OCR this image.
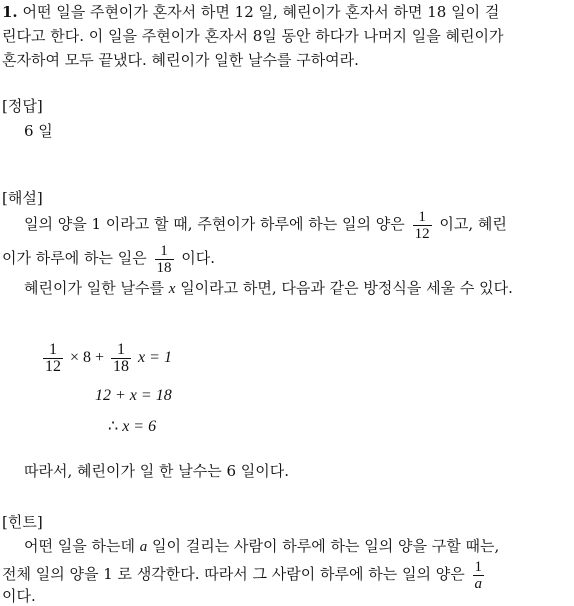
1. 어떤 일을 주현이가 혼자서 하면 12 일, 혜린이가 혼자서 하면 18 일이 걸
린다고 한다. 이 일을 주현이가 혼자서 8일 동안 하다가 나머지 일을 혜린이가
혼자하여 모두 끝냈다. 혜린이가 일한 날수를 구하여라.
[정답]
6 일
[해설]
일의 양을 1 이라고 할 때, 주현이가 하루에 하는 일의 양은 $\frac{1}{12}$ 이고, 혜린
이가 하루에 하는 일은 $\frac{1}{18}$ 이다.
혜린이가 일한 날수를 x 일이라고 하면, 다음과 같은 방정식을 세울 수 있다.
$\frac{1}{12} \times 8 + \frac{1}{18}$ x = 1
12 + x = 18
∴ x = 6
따라서, 혜린이가 일 한 날수는 6 일이다.
[힌트]
어떤 일을 하는데 a 일이 걸리는 사람이 하루에 하는 일의 양을 구할 때는,
전체 일의 양을 1 로 생각한다. 따라서 그 사람이 하루에 하는 일의 양은 $\frac{1}{a}$
이다.
